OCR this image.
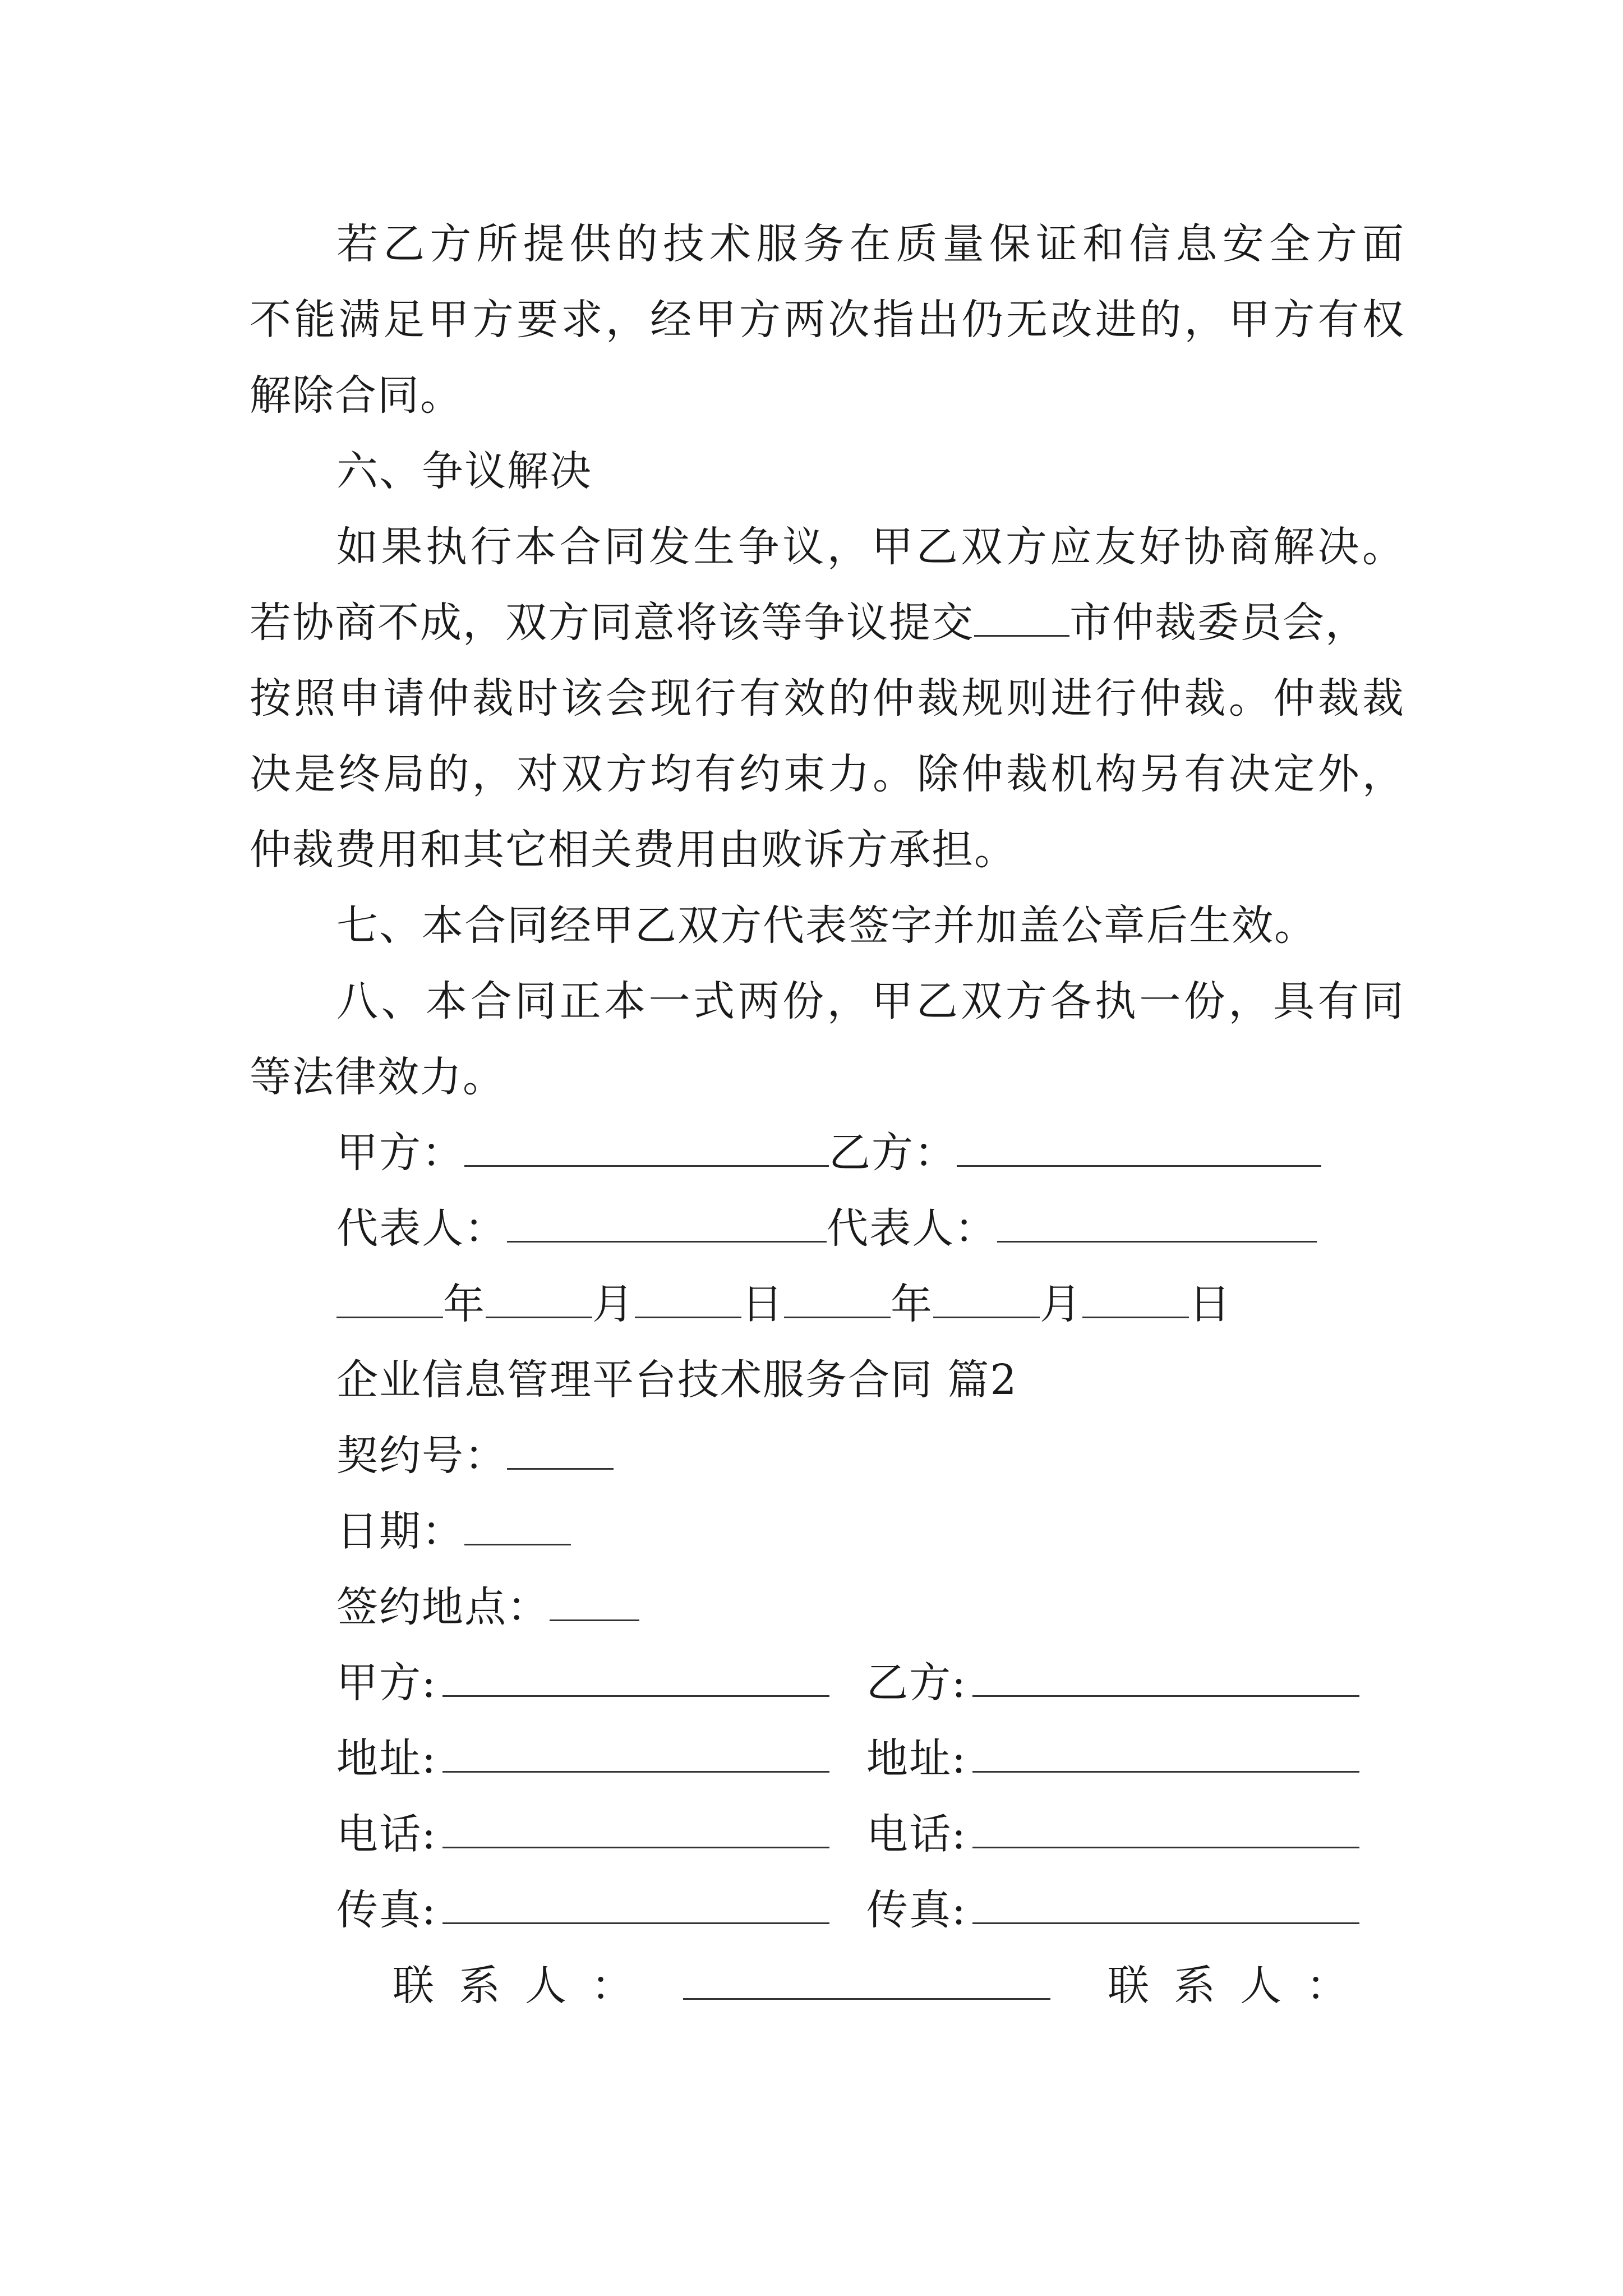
若乙方所提供的技术服务在质量保证和信息安全方面
不能满足甲方要求，经甲方两次指出仍无改进的，甲方有权
解除合同。
六、争议解决
如果执行本合同发生争议，甲乙双方应友好协商解决。
若协商不成，双方同意将该等争议提交 市仲裁委员会，
按照申请仲裁时该会现行有效的仲裁规则进行仲裁。仲裁裁
决是终局的，对双方均有约束力。除仲裁机构另有决定外，
仲裁费用和其它相关费用由败诉方承担。
七、本合同经甲乙双方代表签字并加盖公章后生效。
八、本合同正本一式两份，甲乙双方各执一份，具有同
等法律效力。
甲方：	乙方：
代表人：	代表人：
年	月	日	年	月	日
企业信息管理平台技术服务合同 篇2
契约号：
日期：
签约地点：
甲方:	乙方:
地址:	地址:
电话:	电话:
传真:	传真:
联系人：	联系人：
